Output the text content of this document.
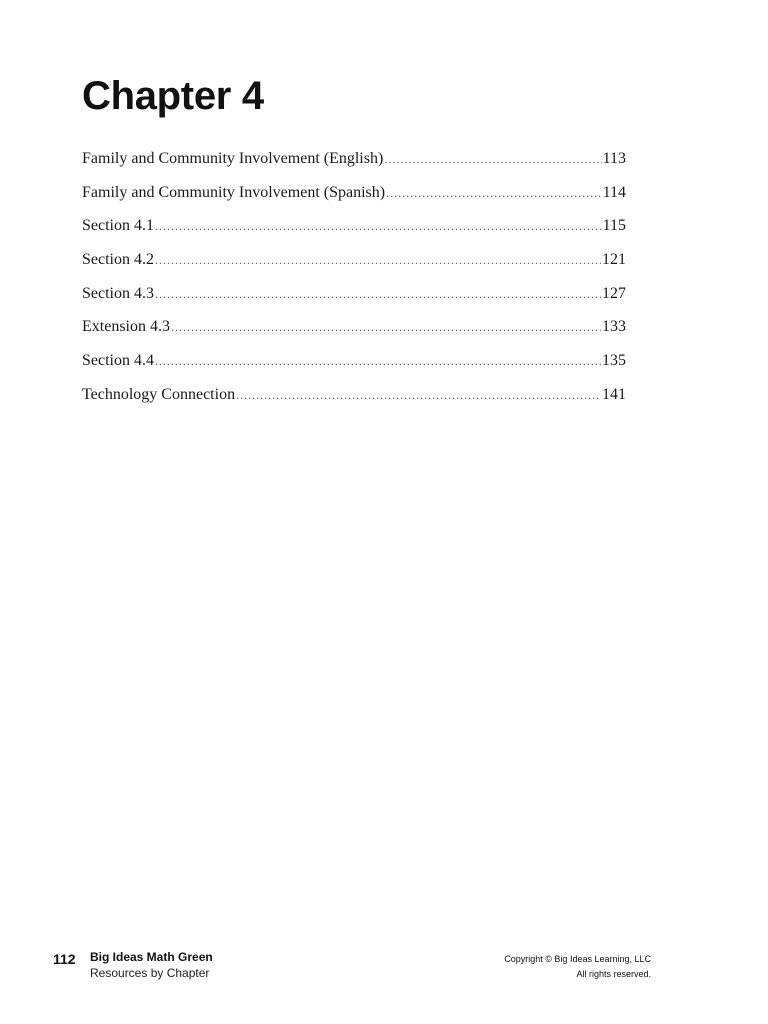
Chapter 4
Family and Community Involvement (English) .....	113
Family and Community Involvement (Spanish) .....	114
Section 4.1 .....	115
Section 4.2 .....	121
Section 4.3 .....	127
Extension 4.3 .....	133
Section 4.4 .....	135
Technology Connection .....	141
112 Big Ideas Math Green
Resources by Chapter
Copyright © Big Ideas Learning, LLC
All rights reserved.
